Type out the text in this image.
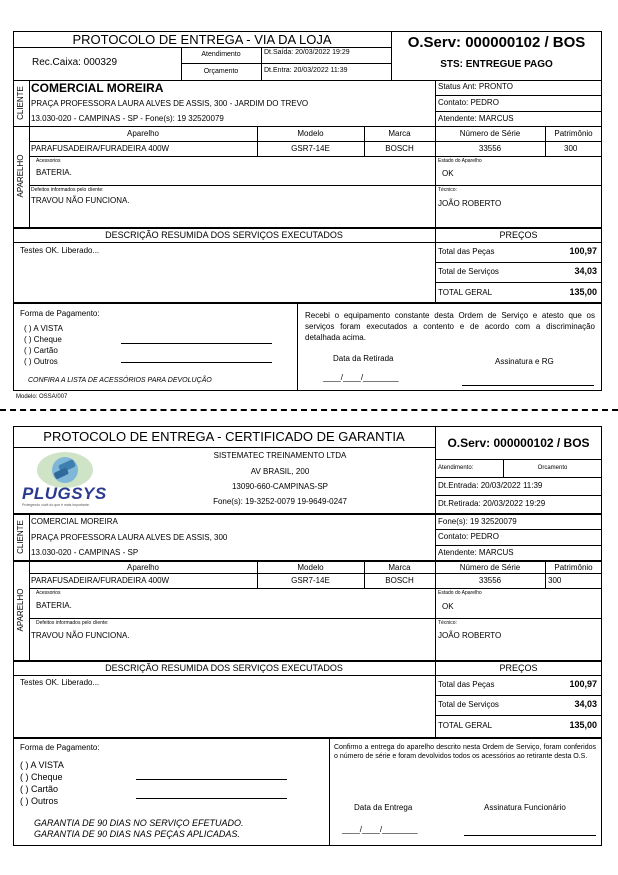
PROTOCOLO DE ENTREGA - VIA DA LOJA
Rec.Caixa: 000329
Atendimento
Orçamento
Dt.Saída: 20/03/2022 19:29
Dt.Entra: 20/03/2022 11:39
O.Serv: 000000102 / BOS
STS: ENTREGUE PAGO
CLIENTE COMERCIAL MOREIRA
PRAÇA PROFESSORA LAURA ALVES DE ASSIS, 300 - JARDIM DO TREVO
13.030-020 - CAMPINAS - SP - Fone(s): 19 32520079
Status Ant: PRONTO
Contato: PEDRO
Atendente: MARCUS
APARELHO
Aparelho	Modelo	Marca	Número de Série	Patrimônio
PARAFUSADEIRA/FURADEIRA 400W	GSR7-14E	BOSCH	33556	300
Acessorios
BATERIA.
Estado do Aparelho
OK
Defeitos informados pelo cliente:
TRAVOU NÃO FUNCIONA.
Técnico:
JOÃO ROBERTO
DESCRIÇÃO RESUMIDA DOS SERVIÇOS EXECUTADOS	PREÇOS
Testes OK. Liberado...	Total das Peças	100,97
Total de Serviços	34,03
TOTAL GERAL	135,00
Forma de Pagamento:
( ) A VISTA
( ) Cheque
( ) Cartão
( ) Outros
CONFIRA A LISTA DE ACESSÓRIOS PARA DEVOLUÇÃO
Recebi o equipamento constante desta Ordem de Serviço e atesto que os serviços foram executados a contento e de acordo com a discriminação detalhada acima.
Data da Retirada
____/____/________
Assinatura e RG
Modelo: OSSA/007
PROTOCOLO DE ENTREGA - CERTIFICADO DE GARANTIA	O.Serv: 000000102 / BOS
PLUGSYS
Protegendo você do que é mais importante.
SISTEMATEC TREINAMENTO LTDA
AV BRASIL, 200
13090-660-CAMPINAS-SP
Fone(s): 19-3252-0079 19-9649-0247
Atendimento:	Orcamento
Dt.Entrada: 20/03/2022 11:39
Dt.Retirada: 20/03/2022 19:29
CLIENTE COMERCIAL MOREIRA
PRAÇA PROFESSORA LAURA ALVES DE ASSIS, 300
13.030-020 - CAMPINAS - SP
Fone(s): 19 32520079
Contato: PEDRO
Atendente: MARCUS
APARELHO
Aparelho	Modelo	Marca	Número de Série	Patrimônio
PARAFUSADEIRA/FURADEIRA 400W	GSR7-14E	BOSCH	33556	300
Acessorios
BATERIA.
Estado do Aparelho
OK
Defeitos informados pelo cliente:
TRAVOU NÃO FUNCIONA.
Técnico:
JOÃO ROBERTO
DESCRIÇÃO RESUMIDA DOS SERVIÇOS EXECUTADOS	PREÇOS
Testes OK. Liberado...	Total das Peças	100,97
Total de Serviços	34,03
TOTAL GERAL	135,00
Forma de Pagamento:
( ) A VISTA
( ) Cheque
( ) Cartão
( ) Outros
GARANTIA DE 90 DIAS NO SERVIÇO EFETUADO.
GARANTIA DE 90 DIAS NAS PEÇAS APLICADAS.
Confirmo a entrega do aparelho descrito nesta Ordem de Serviço, foram conferidos o número de série e foram devolvidos todos os acessórios ao retirante desta O.S.
Data da Entrega
____/____/________
Assinatura Funcionário
